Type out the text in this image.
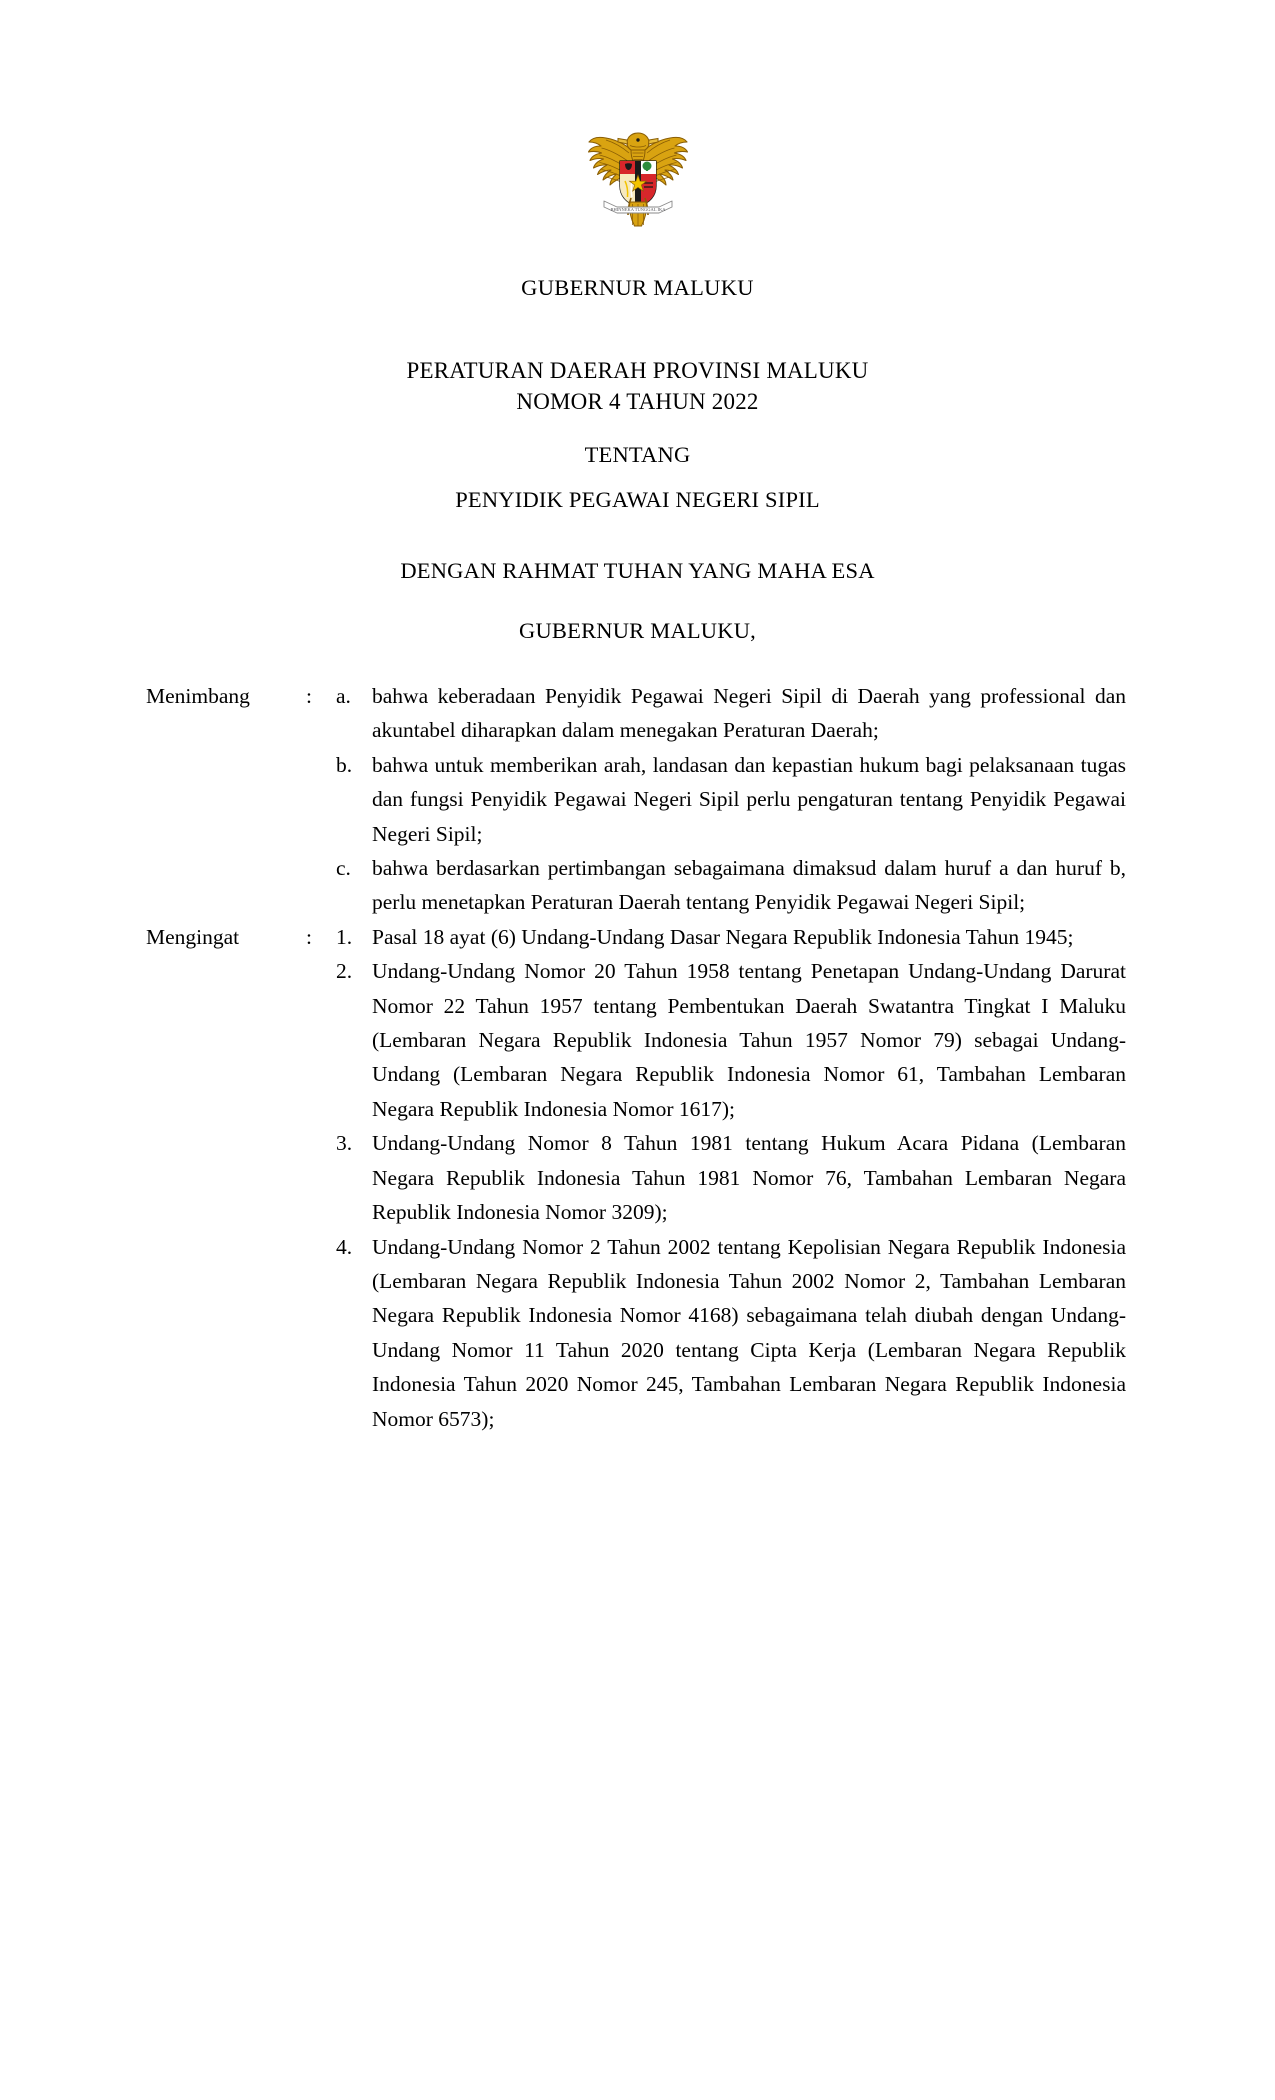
BHINNEKA TUNGGAL IKA
GUBERNUR MALUKU
PERATURAN DAERAH PROVINSI MALUKU
NOMOR 4 TAHUN 2022
TENTANG
PENYIDIK PEGAWAI NEGERI SIPIL
DENGAN RAHMAT TUHAN YANG MAHA ESA
GUBERNUR MALUKU,
Menimbang	:	a. bahwa keberadaan Penyidik Pegawai Negeri Sipil di Daerah yang professional dan akuntabel diharapkan dalam menegakan Peraturan Daerah;
b. bahwa untuk memberikan arah, landasan dan kepastian hukum bagi pelaksanaan tugas dan fungsi Penyidik Pegawai Negeri Sipil perlu pengaturan tentang Penyidik Pegawai Negeri Sipil;
c. bahwa berdasarkan pertimbangan sebagaimana dimaksud dalam huruf a dan huruf b, perlu menetapkan Peraturan Daerah tentang Penyidik Pegawai Negeri Sipil;
Mengingat	:	1. Pasal 18 ayat (6) Undang-Undang Dasar Negara Republik Indonesia Tahun 1945;
2. Undang-Undang Nomor 20 Tahun 1958 tentang Penetapan Undang-Undang Darurat Nomor 22 Tahun 1957 tentang Pembentukan Daerah Swatantra Tingkat I Maluku (Lembaran Negara Republik Indonesia Tahun 1957 Nomor 79) sebagai Undang-Undang (Lembaran Negara Republik Indonesia Nomor 61, Tambahan Lembaran Negara Republik Indonesia Nomor 1617);
3. Undang-Undang Nomor 8 Tahun 1981 tentang Hukum Acara Pidana (Lembaran Negara Republik Indonesia Tahun 1981 Nomor 76, Tambahan Lembaran Negara Republik Indonesia Nomor 3209);
4. Undang-Undang Nomor 2 Tahun 2002 tentang Kepolisian Negara Republik Indonesia (Lembaran Negara Republik Indonesia Tahun 2002 Nomor 2, Tambahan Lembaran Negara Republik Indonesia Nomor 4168) sebagaimana telah diubah dengan Undang-Undang Nomor 11 Tahun 2020 tentang Cipta Kerja (Lembaran Negara Republik Indonesia Tahun 2020 Nomor 245, Tambahan Lembaran Negara Republik Indonesia Nomor 6573);
